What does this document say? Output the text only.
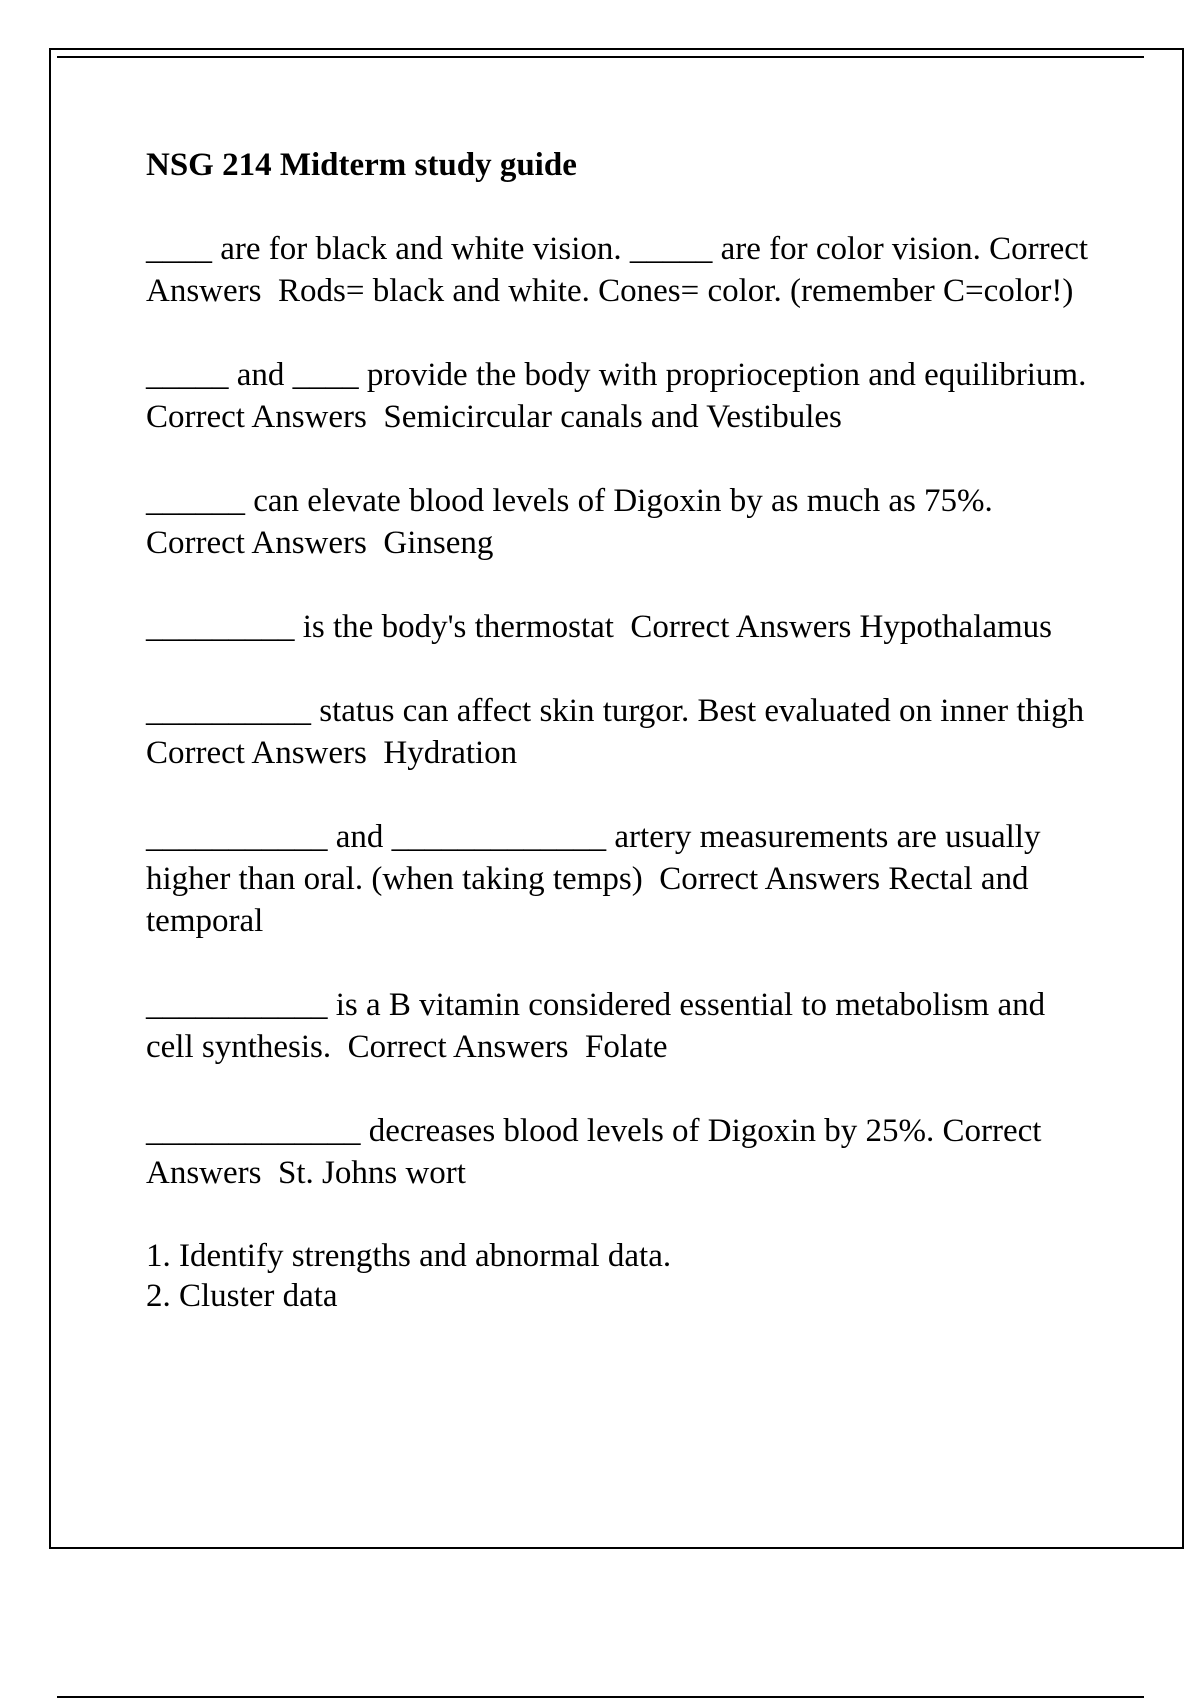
NSG 214 Midterm study guide
____ are for black and white vision. _____ are for color vision. Correct Answers Rods= black and white. Cones= color. (remember C=color!)
_____ and ____ provide the body with proprioception and equilibrium.  Correct Answers Semicircular canals and Vestibules
______ can elevate blood levels of Digoxin by as much as 75%. Correct Answers Ginseng
_________ is the body's thermostat Correct Answers Hypothalamus
__________ status can affect skin turgor. Best evaluated on inner thigh  Correct Answers Hydration
___________ and _____________ artery measurements are usually higher than oral. (when taking temps) Correct Answers Rectal and temporal
___________ is a B vitamin considered essential to metabolism and cell synthesis. Correct Answers Folate
_____________ decreases blood levels of Digoxin by 25%. Correct Answers St. Johns wort
1. Identify strengths and abnormal data.
2. Cluster data
